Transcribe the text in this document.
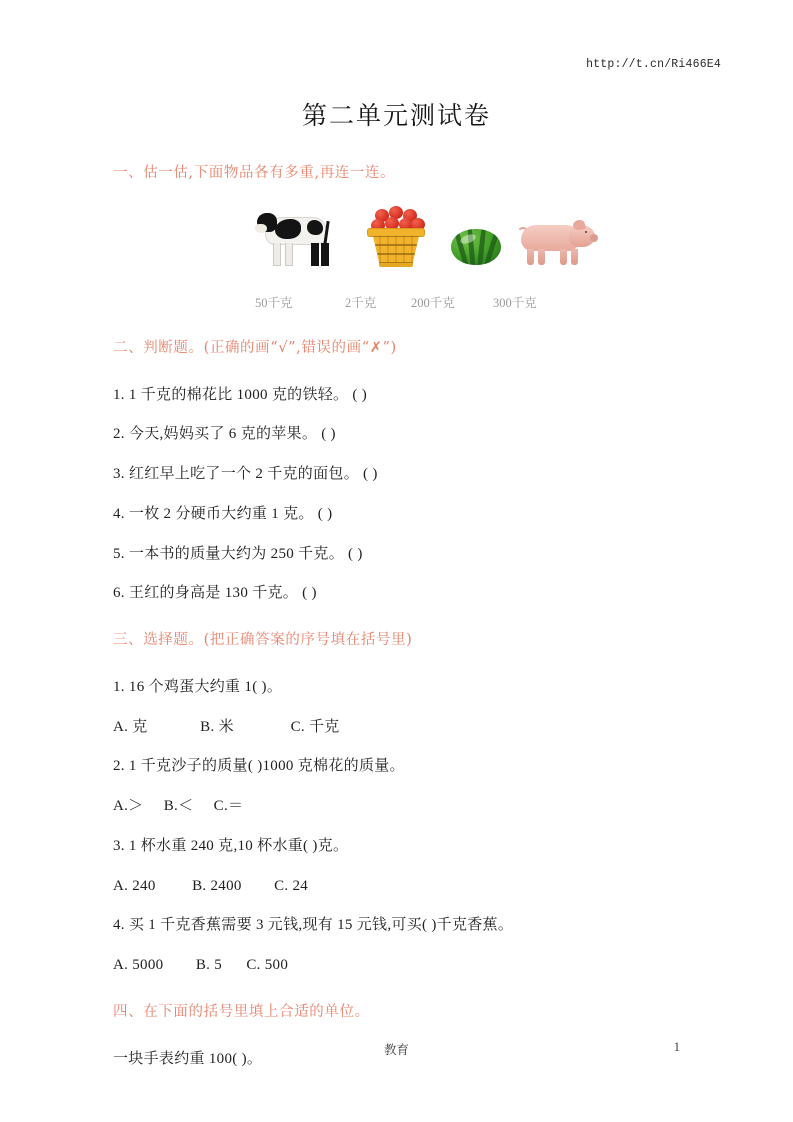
http://t.cn/Ri466E4
第二单元测试卷
一、估一估,下面物品各有多重,再连一连。
50千克	2千克	200千克	300千克
二、判断题。(正确的画“√”,错误的画“✗”)
1. 1 千克的棉花比 1000 克的铁轻。 ( )
2. 今天,妈妈买了 6 克的苹果。 ( )
3. 红红早上吃了一个 2 千克的面包。 ( )
4. 一枚 2 分硬币大约重 1 克。 ( )
5. 一本书的质量大约为 250 千克。 ( )
6. 王红的身高是 130 千克。 ( )
三、选择题。(把正确答案的序号填在括号里)
1. 16 个鸡蛋大约重 1( )。
A. 克             B. 米              C. 千克
2. 1 千克沙子的质量( )1000 克棉花的质量。
A.＞     B.＜     C.＝
3. 1 杯水重 240 克,10 杯水重( )克。
A. 240         B. 2400        C. 24
4. 买 1 千克香蕉需要 3 元钱,现有 15 元钱,可买( )千克香蕉。
A. 5000        B. 5      C. 500
四、在下面的括号里填上合适的单位。
一块手表约重 100( )。
教育	1
